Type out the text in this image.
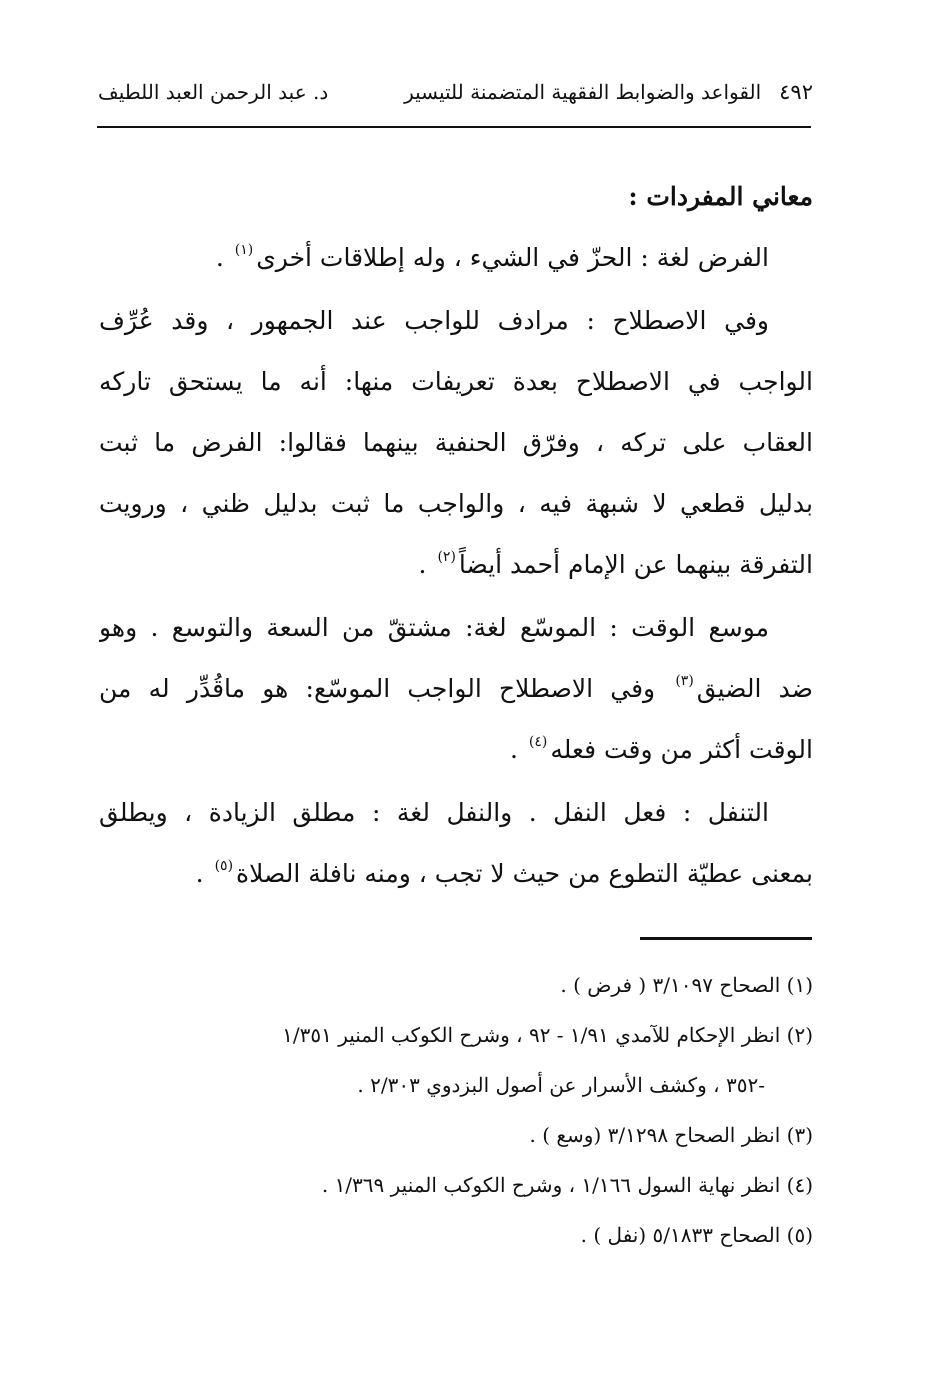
٤٩٢
القواعد والضوابط الفقهية المتضمنة للتيسير
د. عبد الرحمن العبد اللطيف
معاني المفردات :
الفرض لغة : الحزّ في الشيء ، وله إطلاقات أخرى$^{(١)}$ .
وفي الاصطلاح : مرادف للواجب عند الجمهور ، وقد عُرِّف
الواجب في الاصطلاح بعدة تعريفات منها: أنه ما يستحق تاركه
العقاب على تركه ، وفرّق الحنفية بينهما فقالوا: الفرض ما ثبت
بدليل قطعي لا شبهة فيه ، والواجب ما ثبت بدليل ظني ، ورويت
التفرقة بينهما عن الإمام أحمد أيضاً$^{(٢)}$ .
موسع الوقت : الموسّع لغة: مشتقّ من السعة والتوسع . وهو
ضد الضيق$^{(٣)}$ وفي الاصطلاح الواجب الموسّع: هو ماقُدِّر له من
الوقت أكثر من وقت فعله$^{(٤)}$ .
التنفل : فعل النفل . والنفل لغة : مطلق الزيادة ، ويطلق
بمعنى عطيّة التطوع من حيث لا تجب ، ومنه نافلة الصلاة$^{(٥)}$ .
(١) الصحاح ٣/١٠٩٧ ( فرض ) .
(٢) انظر الإحكام للآمدي ١/٩١ - ٩٢ ، وشرح الكوكب المنير ١/٣٥١
-٣٥٢ ، وكشف الأسرار عن أصول البزدوي ٢/٣٠٣ .
(٣) انظر الصحاح ٣/١٢٩٨ (وسع ) .
(٤) انظر نهاية السول ١/١٦٦ ، وشرح الكوكب المنير ١/٣٦٩ .
(٥) الصحاح ٥/١٨٣٣ (نفل ) .
